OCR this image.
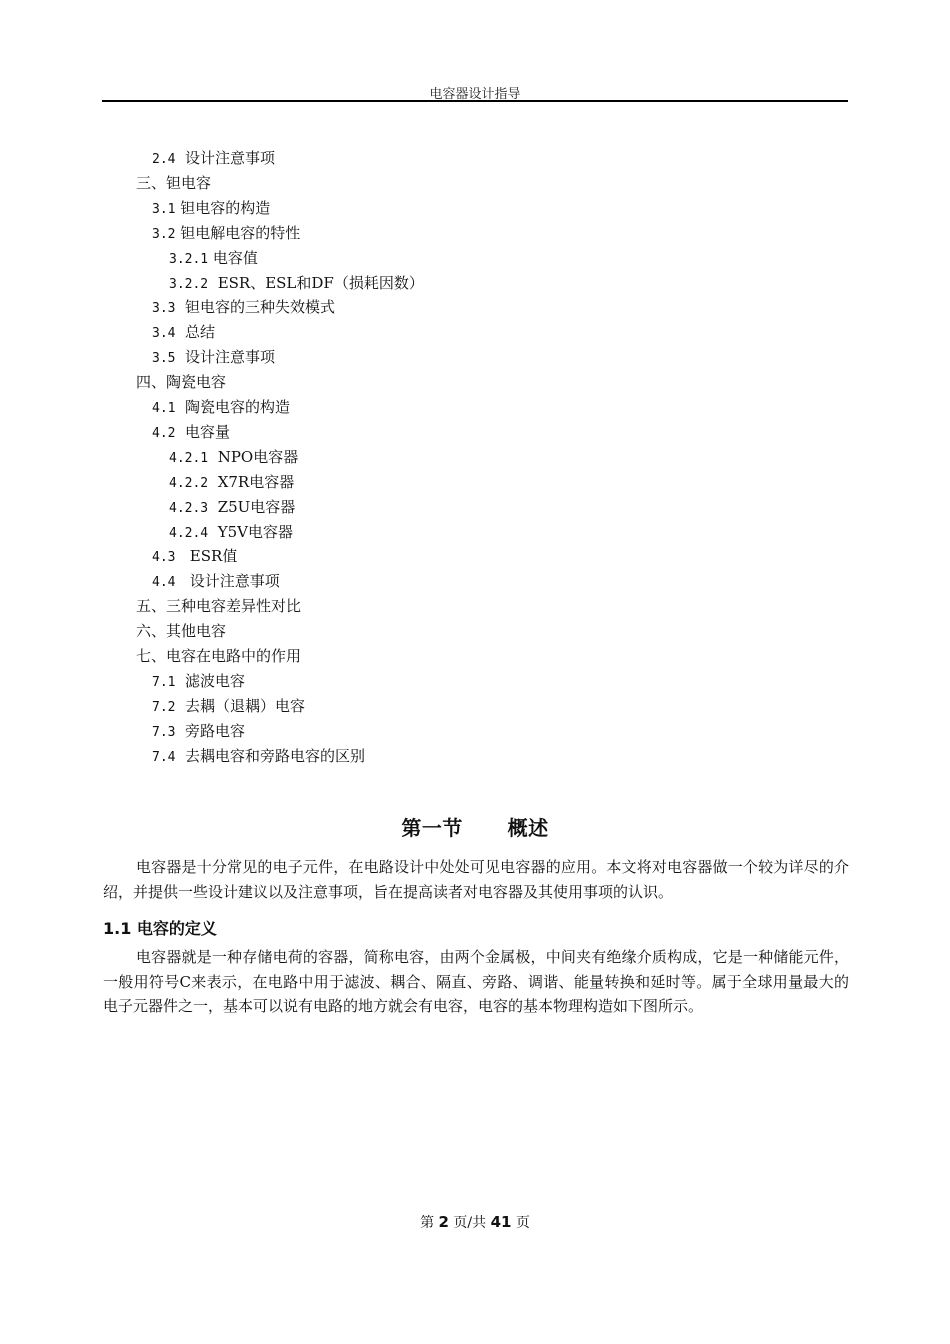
电容器设计指导
2.4 设计注意事项
三、钽电容
3.1 钽电容的构造
3.2 钽电解电容的特性
3.2.1 电容值
3.2.2 ESR、ESL和DF（损耗因数）
3.3 钽电容的三种失效模式
3.4 总结
3.5 设计注意事项
四、陶瓷电容
4.1 陶瓷电容的构造
4.2 电容量
4.2.1 NPO电容器
4.2.2 X7R电容器
4.2.3 Z5U电容器
4.2.4 Y5V电容器
4.3 ESR值
4.4 设计注意事项
五、三种电容差异性对比
六、其他电容
七、电容在电路中的作用
7.1 滤波电容
7.2 去耦（退耦）电容
7.3 旁路电容
7.4 去耦电容和旁路电容的区别
第一节      概述
电容器是十分常见的电子元件，在电路设计中处处可见电容器的应用。本文将对电容器做一个较为详尽的介绍，并提供一些设计建议以及注意事项，旨在提高读者对电容器及其使用事项的认识。
1.1 电容的定义
电容器就是一种存储电荷的容器，简称电容，由两个金属极，中间夹有绝缘介质构成，它是一种储能元件，一般用符号C来表示，在电路中用于滤波、耦合、隔直、旁路、调谐、能量转换和延时等。属于全球用量最大的电子元器件之一，基本可以说有电路的地方就会有电容，电容的基本物理构造如下图所示。
第 2 页/共 41 页
